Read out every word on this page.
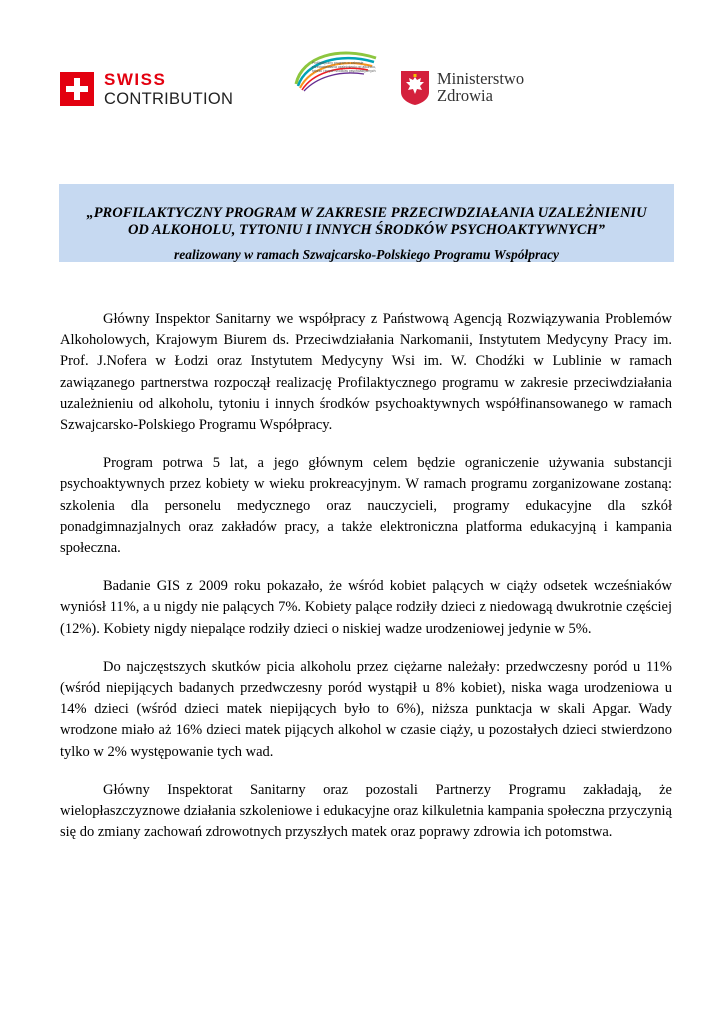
SWISS
CONTRIBUTION
Profilaktyczny program w zakresie przeciwdziałania uzależnieniu od alkoholu, tytoniu i innych środków psychoaktywnych	Ministerstwo
Zdrowia
„PROFILAKTYCZNY PROGRAM W ZAKRESIE PRZECIWDZIAŁANIA UZALEŻNIENIU
OD ALKOHOLU, TYTONIU I INNYCH ŚRODKÓW PSYCHOAKTYWNYCH”
realizowany w ramach Szwajcarsko-Polskiego Programu Współpracy

Główny Inspektor Sanitarny we współpracy z Państwową Agencją Rozwiązywania Problemów Alkoholowych, Krajowym Biurem ds. Przeciwdziałania Narkomanii, Instytutem Medycyny Pracy im. Prof. J.Nofera w Łodzi oraz Instytutem Medycyny Wsi im. W. Chodźki w Lublinie w ramach zawiązanego partnerstwa rozpoczął realizację Profilaktycznego programu w zakresie przeciwdziałania uzależnieniu od alkoholu, tytoniu i innych środków psychoaktywnych współfinansowanego w ramach Szwajcarsko-Polskiego Programu Współpracy.

Program potrwa 5 lat, a jego głównym celem będzie ograniczenie używania substancji psychoaktywnych przez kobiety w wieku prokreacyjnym. W ramach programu zorganizowane zostaną: szkolenia dla personelu medycznego oraz nauczycieli, programy edukacyjne dla szkół ponadgimnazjalnych oraz zakładów pracy, a także elektroniczna platforma edukacyjną i kampania społeczna.

Badanie GIS z 2009 roku pokazało, że wśród kobiet palących w ciąży odsetek wcześniaków wyniósł 11%, a u nigdy nie palących 7%. Kobiety palące rodziły dzieci z niedowagą dwukrotnie częściej (12%). Kobiety nigdy niepalące rodziły dzieci o niskiej wadze urodzeniowej jedynie w 5%.

Do najczęstszych skutków picia alkoholu przez ciężarne należały: przedwczesny poród u 11% (wśród niepijących badanych przedwczesny poród wystąpił u 8% kobiet), niska waga urodzeniowa u 14% dzieci (wśród dzieci matek niepijących było to 6%), niższa punktacja w skali Apgar. Wady wrodzone miało aż 16% dzieci matek pijących alkohol w czasie ciąży, u pozostałych dzieci stwierdzono tylko w 2% występowanie tych wad.

Główny Inspektorat Sanitarny oraz pozostali Partnerzy Programu zakładają, że wielopłaszczyznowe działania szkoleniowe i edukacyjne oraz kilkuletnia kampania społeczna przyczynią się do zmiany zachowań zdrowotnych przyszłych matek oraz poprawy zdrowia ich potomstwa.
